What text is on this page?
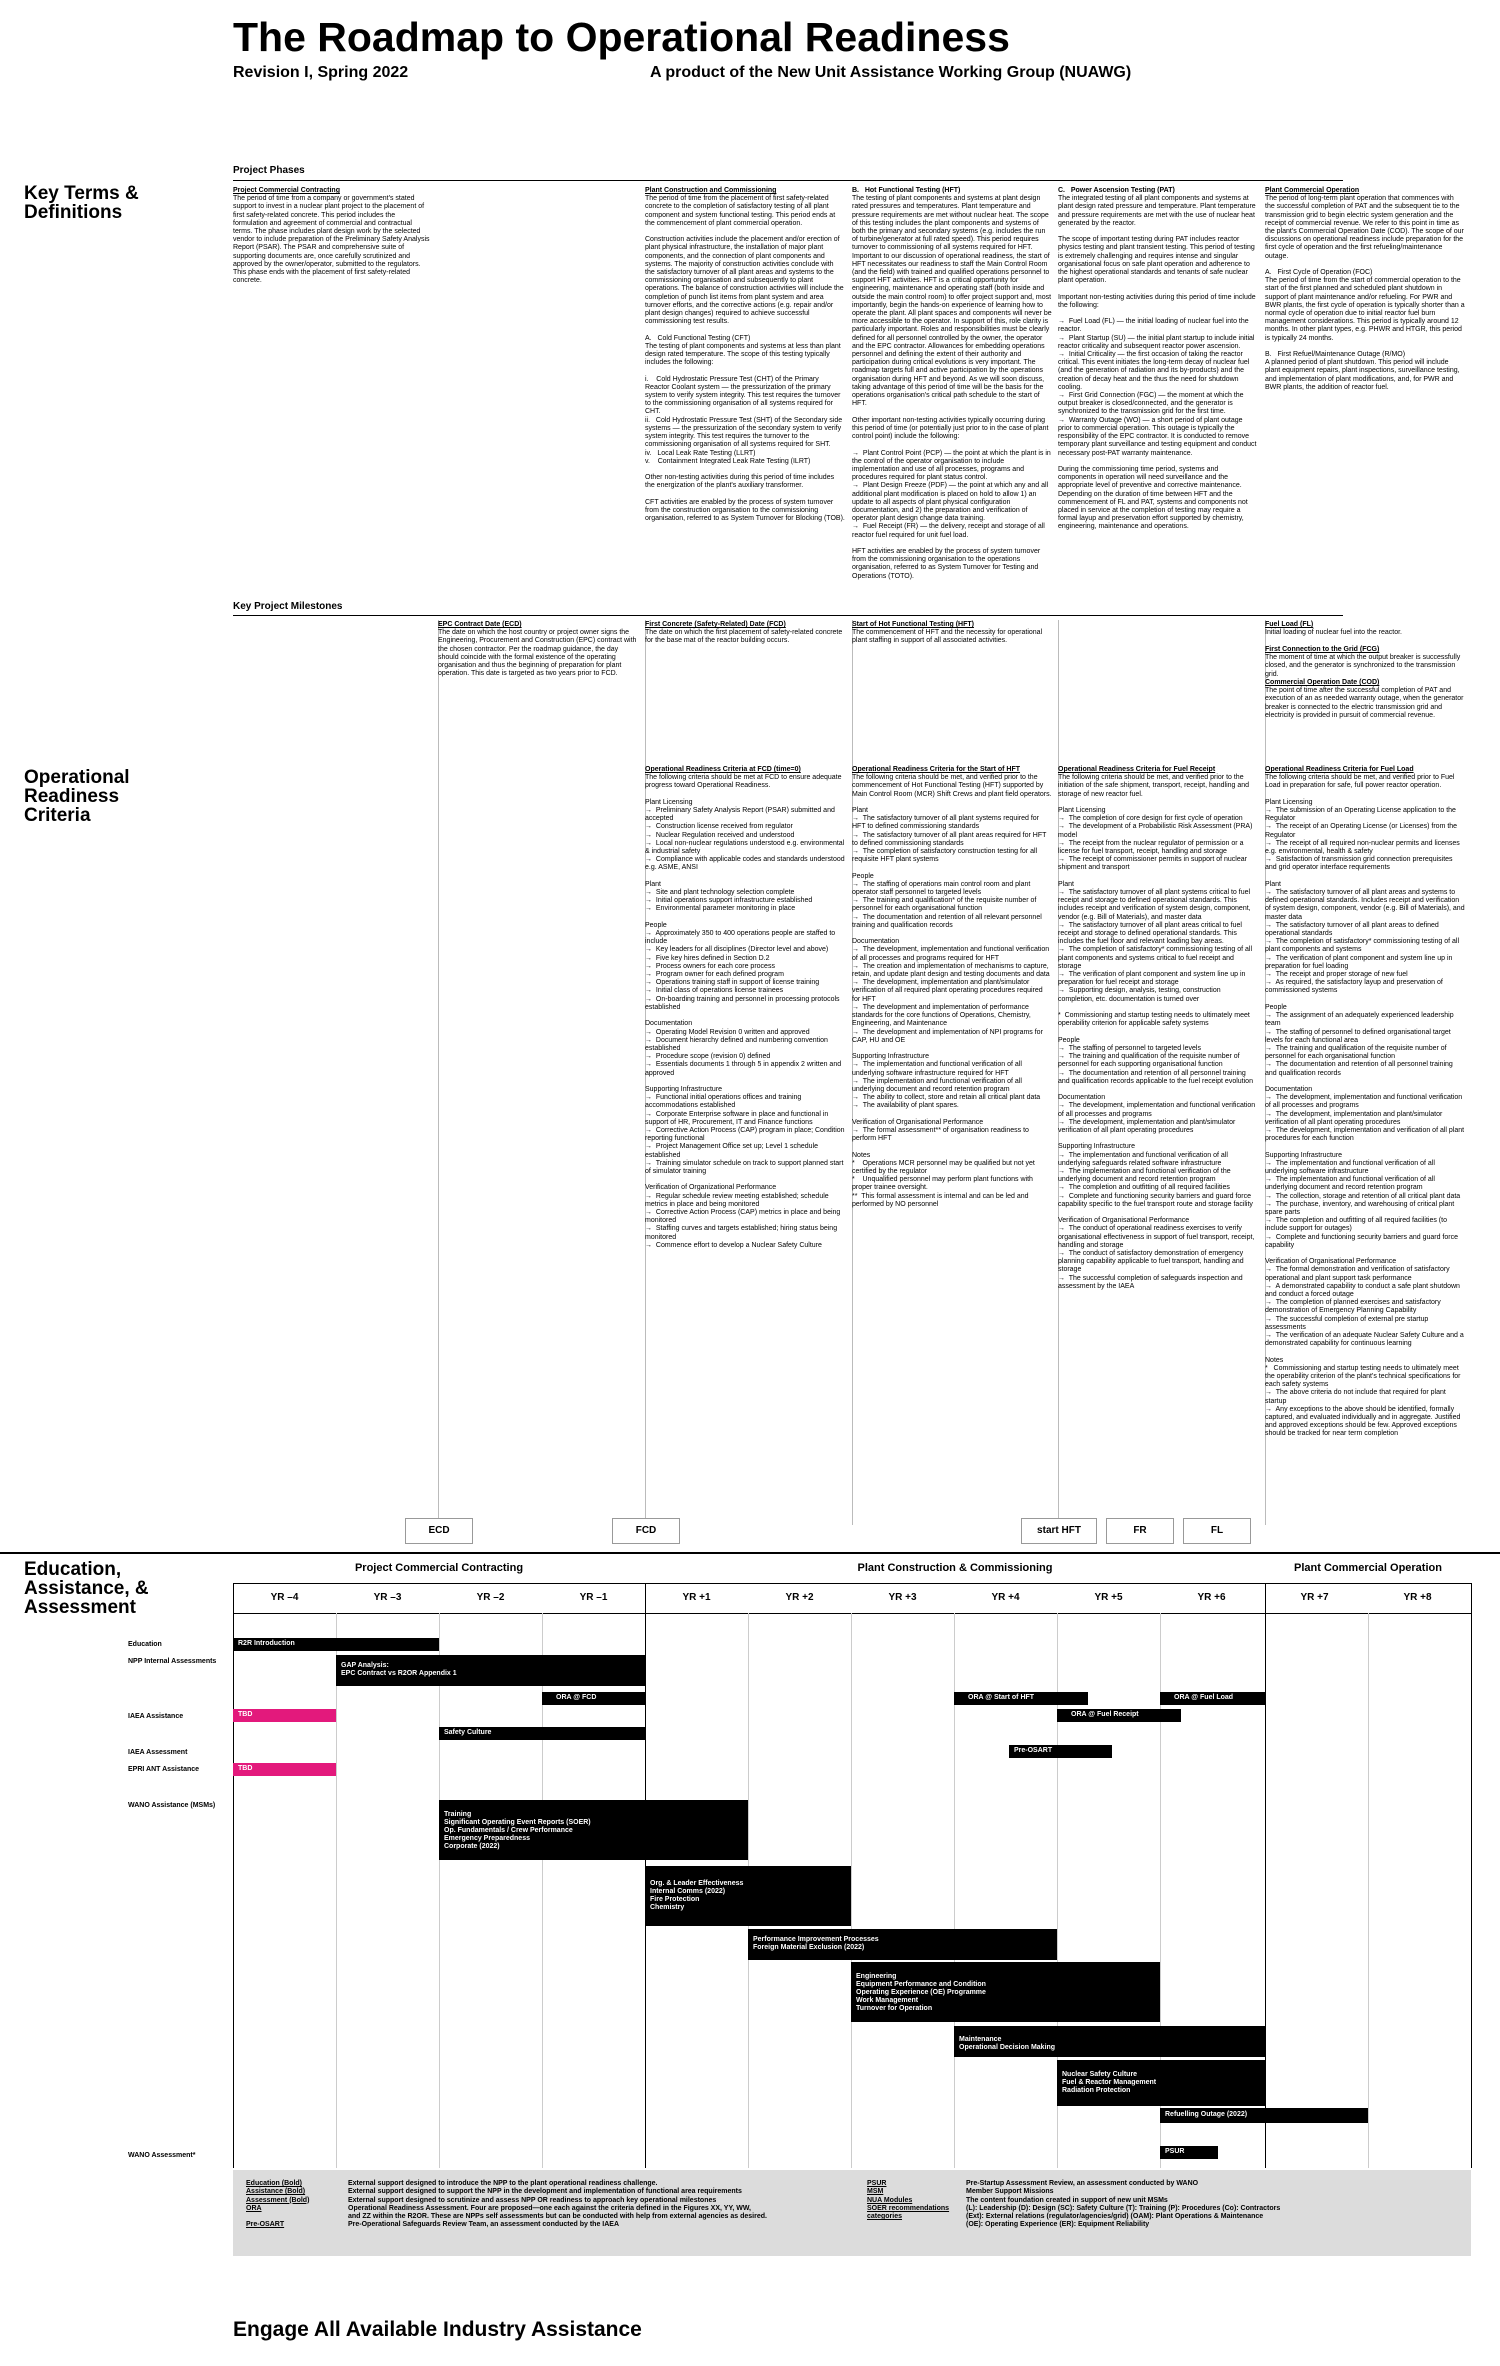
The Roadmap to Operational Readiness
Revision I, Spring 2022	A product of the New Unit Assistance Working Group (NUAWG)
Key Terms & Definitions
Operational Readiness Criteria
Education, Assistance, & Assessment
Project Phases
Project Commercial Contracting
The period of time from a company or government's stated support to invest in a nuclear plant project to the placement of first safety-related concrete. This period includes the formulation and agreement of commercial and contractual terms. The phase includes plant design work by the selected vendor to include preparation of the Preliminary Safety Analysis Report (PSAR). The PSAR and comprehensive suite of supporting documents are, once carefully scrutinized and approved by the owner/operator, submitted to the regulators. This phase ends with the placement of first safety-related concrete.
Plant Construction and Commissioning
The period of time from the placement of first safety-related concrete to the completion of satisfactory testing of all plant component and system functional testing. This period ends at the commencement of plant commercial operation.

Construction activities include the placement and/or erection of plant physical infrastructure, the installation of major plant components, and the connection of plant components and systems. The majority of construction activities conclude with the satisfactory turnover of all plant areas and systems to the commissioning organisation and subsequently to plant operations. The balance of construction activities will include the completion of punch list items from plant system and area turnover efforts, and the corrective actions (e.g. repair and/or plant design changes) required to achieve successful commissioning test results.

A.   Cold Functional Testing (CFT)
The testing of plant components and systems at less than plant design rated temperature. The scope of this testing typically includes the following:

i.    Cold Hydrostatic Pressure Test (CHT) of the Primary Reactor Coolant system — the pressurization of the primary system to verify system integrity. This test requires the turnover to the commissioning organisation of all systems required for CHT.
ii.   Cold Hydrostatic Pressure Test (SHT) of the Secondary side systems — the pressurization of the secondary system to verify system integrity. This test requires the turnover to the commissioning organisation of all systems required for SHT.
iv.   Local Leak Rate Testing (LLRT)
v.    Containment Integrated Leak Rate Testing (ILRT)

Other non-testing activities during this period of time includes the energization of the plant's auxiliary transformer.

CFT activities are enabled by the process of system turnover from the construction organisation to the commissioning organisation, referred to as System Turnover for Blocking (TOB).
B.   Hot Functional Testing (HFT)
The testing of plant components and systems at plant design rated pressures and temperatures. Plant temperature and pressure requirements are met without nuclear heat. The scope of this testing includes the plant components and systems of both the primary and secondary systems (e.g. includes the run of turbine/generator at full rated speed). This period requires turnover to commissioning of all systems required for HFT.
Important to our discussion of operational readiness, the start of HFT necessitates our readiness to staff the Main Control Room (and the field) with trained and qualified operations personnel to support HFT activities. HFT is a critical opportunity for engineering, maintenance and operating staff (both inside and outside the main control room) to offer project support and, most importantly, begin the hands-on experience of learning how to operate the plant. All plant spaces and components will never be more accessible to the operator. In support of this, role clarity is particularly important. Roles and responsibilities must be clearly defined for all personnel controlled by the owner, the operator and the EPC contractor. Allowances for embedding operations personnel and defining the extent of their authority and participation during critical evolutions is very important. The roadmap targets full and active participation by the operations organisation during HFT and beyond. As we will soon discuss, taking advantage of this period of time will be the basis for the operations organisation's critical path schedule to the start of HFT.

Other important non-testing activities typically occurring during this period of time (or potentially just prior to in the case of plant control point) include the following:

→  Plant Control Point (PCP) — the point at which the plant is in the control of the operator organisation to include implementation and use of all processes, programs and procedures required for plant status control.
→  Plant Design Freeze (PDF) — the point at which any and all additional plant modification is placed on hold to allow 1) an update to all aspects of plant physical configuration documentation, and 2) the preparation and verification of operator plant design change data training.
→  Fuel Receipt (FR) — the delivery, receipt and storage of all reactor fuel required for unit fuel load.

HFT activities are enabled by the process of system turnover from the commissioning organisation to the operations organisation, referred to as System Turnover for Testing and Operations (TOTO).
C.   Power Ascension Testing (PAT)
The integrated testing of all plant components and systems at plant design rated pressure and temperature. Plant temperature and pressure requirements are met with the use of nuclear heat generated by the reactor.

The scope of important testing during PAT includes reactor physics testing and plant transient testing. This period of testing is extremely challenging and requires intense and singular organisational focus on safe plant operation and adherence to the highest operational standards and tenants of safe nuclear plant operation.

Important non-testing activities during this period of time include the following:

→  Fuel Load (FL) — the initial loading of nuclear fuel into the reactor.
→  Plant Startup (SU) — the initial plant startup to include initial reactor criticality and subsequent reactor power ascension.
→  Initial Criticality — the first occasion of taking the reactor critical. This event initiates the long-term decay of nuclear fuel (and the generation of radiation and its by-products) and the creation of decay heat and the thus the need for shutdown cooling.
→  First Grid Connection (FGC) — the moment at which the output breaker is closed/connected, and the generator is synchronized to the transmission grid for the first time.
→  Warranty Outage (WO) — a short period of plant outage prior to commercial operation. This outage is typically the responsibility of the EPC contractor. It is conducted to remove temporary plant surveillance and testing equipment and conduct necessary post-PAT warranty maintenance.

During the commissioning time period, systems and components in operation will need surveillance and the appropriate level of preventive and corrective maintenance. Depending on the duration of time between HFT and the commencement of FL and PAT, systems and components not placed in service at the completion of testing may require a formal layup and preservation effort supported by chemistry, engineering, maintenance and operations.
Plant Commercial Operation
The period of long-term plant operation that commences with the successful completion of PAT and the subsequent tie to the transmission grid to begin electric system generation and the receipt of commercial revenue. We refer to this point in time as the plant's Commercial Operation Date (COD). The scope of our discussions on operational readiness include preparation for the first cycle of operation and the first refueling/maintenance outage.

A.   First Cycle of Operation (FOC)
The period of time from the start of commercial operation to the start of the first planned and scheduled plant shutdown in support of plant maintenance and/or refueling. For PWR and BWR plants, the first cycle of operation is typically shorter than a normal cycle of operation due to initial reactor fuel burn management considerations. This period is typically around 12 months. In other plant types, e.g. PHWR and HTGR, this period is typically 24 months.

B.   First Refuel/Maintenance Outage (R/MO)
A planned period of plant shutdown. This period will include plant equipment repairs, plant inspections, surveillance testing, and implementation of plant modifications, and, for PWR and BWR plants, the addition of reactor fuel.
Key Project Milestones
EPC Contract Date (ECD)
The date on which the host country or project owner signs the Engineering, Procurement and Construction (EPC) contract with the chosen contractor. Per the roadmap guidance, the day should coincide with the formal existence of the operating organisation and thus the beginning of preparation for plant operation. This date is targeted as two years prior to FCD.
First Concrete (Safety-Related) Date (FCD)
The date on which the first placement of safety-related concrete for the base mat of the reactor building occurs.
Start of Hot Functional Testing (HFT)
The commencement of HFT and the necessity for operational plant staffing in support of all associated activities.
Fuel Load (FL)
Initial loading of nuclear fuel into the reactor.
First Connection to the Grid (FCG)
The moment of time at which the output breaker is successfully closed, and the generator is synchronized to the transmission grid.
Commercial Operation Date (COD)
The point of time after the successful completion of PAT and execution of an as needed warranty outage, when the generator breaker is connected to the electric transmission grid and electricity is provided in pursuit of commercial revenue.
Operational Readiness Criteria at FCD (time=0)
The following criteria should be met at FCD to ensure adequate progress toward Operational Readiness.

Plant Licensing
→  Preliminary Safety Analysis Report (PSAR) submitted and accepted
→  Construction license received from regulator
→  Nuclear Regulation received and understood
→  Local non-nuclear regulations understood e.g. environmental & industrial safety
→  Compliance with applicable codes and standards understood e.g. ASME, ANSI

Plant
→  Site and plant technology selection complete
→  Initial operations support infrastructure established
→  Environmental parameter monitoring in place

People
→  Approximately 350 to 400 operations people are staffed to include
→  Key leaders for all disciplines (Director level and above)
→  Five key hires defined in Section D.2
→  Process owners for each core process
→  Program owner for each defined program
→  Operations training staff in support of license training
→  Initial class of operations license trainees
→  On-boarding training and personnel in processing protocols established

Documentation
→  Operating Model Revision 0 written and approved
→  Document hierarchy defined and numbering convention established
→  Procedure scope (revision 0) defined
→  Essentials documents 1 through 5 in appendix 2 written and approved

Supporting Infrastructure
→  Functional initial operations offices and training accommodations established
→  Corporate Enterprise software in place and functional in support of HR, Procurement, IT and Finance functions
→  Corrective Action Process (CAP) program in place; Condition reporting functional
→  Project Management Office set up; Level 1 schedule established
→  Training simulator schedule on track to support planned start of simulator training

Verification of Organizational Performance
→  Regular schedule review meeting established; schedule metrics in place and being monitored
→  Corrective Action Process (CAP) metrics in place and being monitored
→  Staffing curves and targets established; hiring status being monitored
→  Commence effort to develop a Nuclear Safety Culture
Operational Readiness Criteria for the Start of HFT
The following criteria should be met, and verified prior to the commencement of Hot Functional Testing (HFT) supported by Main Control Room (MCR) Shift Crews and plant field operators.

Plant
→  The satisfactory turnover of all plant systems required for HFT to defined commissioning standards
→  The satisfactory turnover of all plant areas required for HFT to defined commissioning standards
→  The completion of satisfactory construction testing for all requisite HFT plant systems

People
→  The staffing of operations main control room and plant operator staff personnel to targeted levels
→  The training and qualification* of the requisite number of personnel for each organisational function
→  The documentation and retention of all relevant personnel training and qualification records

Documentation
→  The development, implementation and functional verification of all processes and programs required for HFT
→  The creation and implementation of mechanisms to capture, retain, and update plant design and testing documents and data
→  The development, implementation and plant/simulator verification of all required plant operating procedures required for HFT
→  The development and implementation of performance standards for the core functions of Operations, Chemistry, Engineering, and Maintenance
→  The development and implementation of NPI programs for CAP, HU and OE

Supporting Infrastructure
→  The implementation and functional verification of all underlying software infrastructure required for HFT
→  The implementation and functional verification of all underlying document and record retention program
→  The ability to collect, store and retain all critical plant data
→  The availability of plant spares.

Verification of Organisational Performance
→  The formal assessment** of organisation readiness to perform HFT

Notes
*    Operations MCR personnel may be qualified but not yet certified by the regulator
*    Unqualified personnel may perform plant functions with proper trainee oversight.
**  This formal assessment is internal and can be led and performed by NO personnel
Operational Readiness Criteria for Fuel Receipt
The following criteria should be met, and verified prior to the initiation of the safe shipment, transport, receipt, handling and storage of new reactor fuel.

Plant Licensing
→  The completion of core design for first cycle of operation
→  The development of a Probabilistic Risk Assessment (PRA) model
→  The receipt from the nuclear regulator of permission or a license for fuel transport, receipt, handling and storage
→  The receipt of commissioner permits in support of nuclear shipment and transport

Plant
→  The satisfactory turnover of all plant systems critical to fuel receipt and storage to defined operational standards. This includes receipt and verification of system design, component, vendor (e.g. Bill of Materials), and master data
→  The satisfactory turnover of all plant areas critical to fuel receipt and storage to defined operational standards. This includes the fuel floor and relevant loading bay areas.
→  The completion of satisfactory* commissioning testing of all plant components and systems critical to fuel receipt and storage
→  The verification of plant component and system line up in preparation for fuel receipt and storage
→  Supporting design, analysis, testing, construction completion, etc. documentation is turned over

*  Commissioning and startup testing needs to ultimately meet operability criterion for applicable safety systems

People
→  The staffing of personnel to targeted levels
→  The training and qualification of the requisite number of personnel for each supporting organisational function
→  The documentation and retention of all personnel training and qualification records applicable to the fuel receipt evolution

Documentation
→  The development, implementation and functional verification of all processes and programs
→  The development, implementation and plant/simulator verification of all plant operating procedures

Supporting Infrastructure
→  The implementation and functional verification of all underlying safeguards related software infrastructure
→  The implementation and functional verification of the underlying document and record retention program
→  The completion and outfitting of all required facilities
→  Complete and functioning security barriers and guard force capability specific to the fuel transport route and storage facility

Verification of Organisational Performance
→  The conduct of operational readiness exercises to verify organisational effectiveness in support of fuel transport, receipt, handling and storage
→  The conduct of satisfactory demonstration of emergency planning capability applicable to fuel transport, handling and storage
→  The successful completion of safeguards inspection and assessment by the IAEA
Operational Readiness Criteria for Fuel Load
The following criteria should be met, and verified prior to Fuel Load in preparation for safe, full power reactor operation.

Plant Licensing
→  The submission of an Operating License application to the Regulator
→  The receipt of an Operating License (or Licenses) from the Regulator
→  The receipt of all required non-nuclear permits and licenses e.g. environmental, health & safety
→  Satisfaction of transmission grid connection prerequisites and grid operator interface requirements

Plant
→  The satisfactory turnover of all plant areas and systems to defined operational standards. Includes receipt and verification of system design, component, vendor (e.g. Bill of Materials), and master data
→  The satisfactory turnover of all plant areas to defined operational standards
→  The completion of satisfactory* commissioning testing of all plant components and systems
→  The verification of plant component and system line up in preparation for fuel loading
→  The receipt and proper storage of new fuel
→  As required, the satisfactory layup and preservation of commissioned systems

People
→  The assignment of an adequately experienced leadership team
→  The staffing of personnel to defined organisational target levels for each functional area
→  The training and qualification of the requisite number of personnel for each organisational function
→  The documentation and retention of all personnel training and qualification records

Documentation
→  The development, implementation and functional verification of all processes and programs
→  The development, implementation and plant/simulator verification of all plant operating procedures
→  The development, implementation and verification of all plant procedures for each function

Supporting Infrastructure
→  The implementation and functional verification of all underlying software infrastructure
→  The implementation and functional verification of all underlying document and record retention program
→  The collection, storage and retention of all critical plant data
→  The purchase, inventory, and warehousing of critical plant spare parts
→  The completion and outfitting of all required facilities (to include support for outages)
→  Complete and functioning security barriers and guard force capability

Verification of Organisational Performance
→  The formal demonstration and verification of satisfactory operational and plant support task performance
→  A demonstrated capability to conduct a safe plant shutdown and conduct a forced outage
→  The completion of planned exercises and satisfactory demonstration of Emergency Planning Capability
→  The successful completion of external pre startup assessments
→  The verification of an adequate Nuclear Safety Culture and a demonstrated capability for continuous learning

Notes
*   Commissioning and startup testing needs to ultimately meet the operability criterion of the plant's technical specifications for each safety systems
→  The above criteria do not include that required for plant startup
→  Any exceptions to the above should be identified, formally captured, and evaluated individually and in aggregate. Justified and approved exceptions should be few. Approved exceptions should be tracked for near term completion
ECD	FCD	start HFT	FR	FL
Project Commercial Contracting	Plant Construction & Commissioning	Plant Commercial Operation
YR –4	YR –3	YR –2	YR –1	YR +1	YR +2	YR +3	YR +4	YR +5	YR +6	YR +7	YR +8
Education
NPP Internal Assessments
IAEA Assistance
IAEA Assessment
EPRI ANT Assistance
WANO Assistance (MSMs)
WANO Assessment*
R2R Introduction
GAP Analysis:
EPC Contract vs R2OR Appendix 1
ORA @ FCD	ORA @ Start of HFT	ORA @ Fuel Load
TBD	ORA @ Fuel Receipt
Safety Culture
Pre-OSART
TBD
Training
Significant Operating Event Reports (SOER)
Op. Fundamentals / Crew Performance
Emergency Preparedness
Corporate (2022)
Org. & Leader Effectiveness
Internal Comms (2022)
Fire Protection
Chemistry
Performance Improvement Processes
Foreign Material Exclusion (2022)
Engineering
Equipment Performance and Condition
Operating Experience (OE) Programme
Work Management
Turnover for Operation
Maintenance
Operational Decision Making
Nuclear Safety Culture
Fuel & Reactor Management
Radiation Protection
Refuelling Outage (2022)
PSUR
Education (Bold)
Assistance (Bold)
Assessment (Bold)
ORA
Pre-OSART
External support designed to introduce the NPP to the plant operational readiness challenge.
External support designed to support the NPP in the development and implementation of functional area requirements
External support designed to scrutinize and assess NPP OR readiness to approach key operational milestones
Operational Readiness Assessment. Four are proposed—one each against the criteria defined in the Figures XX, YY, WW,
and ZZ within the R2OR. These are NPPs self assessments but can be conducted with help from external agencies as desired.
Pre-Operational Safeguards Review Team, an assessment conducted by the IAEA
PSUR
MSM
NUA Modules
SOER recommendations
categories
Pre-Startup Assessment Review, an assessment conducted by WANO
Member Support Missions
The content foundation created in support of new unit MSMs
(L): Leadership (D): Design (SC): Safety Culture (T): Training (P): Procedures (Co): Contractors
(Ext): External relations (regulator/agencies/grid) (OAM): Plant Operations & Maintenance
(OE): Operating Experience (ER): Equipment Reliability
Engage All Available Industry Assistance
